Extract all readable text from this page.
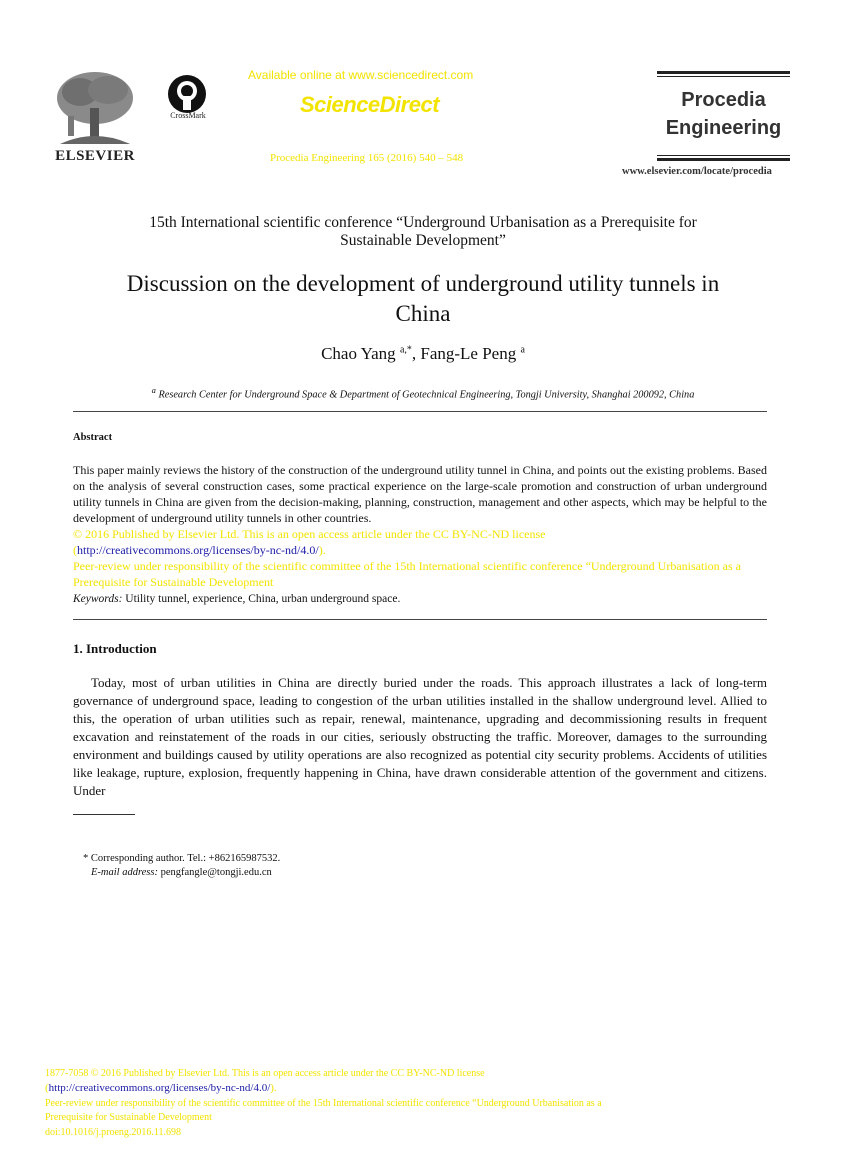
ELSEVIER
CrossMark
Available online at www.sciencedirect.com
ScienceDirect
Procedia Engineering 165 (2016) 540 – 548
Procedia
Engineering
www.elsevier.com/locate/procedia
15th International scientific conference “Underground Urbanisation as a Prerequisite for
Sustainable Development”
Discussion on the development of underground utility tunnels in
China
Chao Yang $^{a,*}$, Fang-Le Peng $^a$
$^a$ Research Center for Underground Space & Department of Geotechnical Engineering, Tongji University, Shanghai 200092, China
Abstract
This paper mainly reviews the history of the construction of the underground utility tunnel in China, and points out the existing problems. Based on the analysis of several construction cases, some practical experience on the large-scale promotion and construction of urban underground utility tunnels in China are given from the decision-making, planning, construction, management and other aspects, which may be helpful to the development of underground utility tunnels in other countries.
© 2016 Published by Elsevier Ltd. This is an open access article under the CC BY-NC-ND license
(http://creativecommons.org/licenses/by-nc-nd/4.0/).
Peer-review under responsibility of the scientific committee of the 15th International scientific conference “Underground Urbanisation as a
Prerequisite for Sustainable Development
Keywords: Utility tunnel, experience, China, urban underground space.
1. Introduction
Today, most of urban utilities in China are directly buried under the roads. This approach illustrates a lack of long-term governance of underground space, leading to congestion of the urban utilities installed in the shallow underground level. Allied to this, the operation of urban utilities such as repair, renewal, maintenance, upgrading and decommissioning results in frequent excavation and reinstatement of the roads in our cities, seriously obstructing the traffic. Moreover, damages to the surrounding environment and buildings caused by utility operations are also recognized as potential city security problems. Accidents of utilities like leakage, rupture, explosion, frequently happening in China, have drawn considerable attention of the government and citizens. Under
* Corresponding author. Tel.: +862165987532.
E-mail address: pengfangle@tongji.edu.cn
1877-7058 © 2016 Published by Elsevier Ltd. This is an open access article under the CC BY-NC-ND license
(http://creativecommons.org/licenses/by-nc-nd/4.0/).
Peer-review under responsibility of the scientific committee of the 15th International scientific conference “Underground Urbanisation as a
Prerequisite for Sustainable Development
doi:10.1016/j.proeng.2016.11.698
